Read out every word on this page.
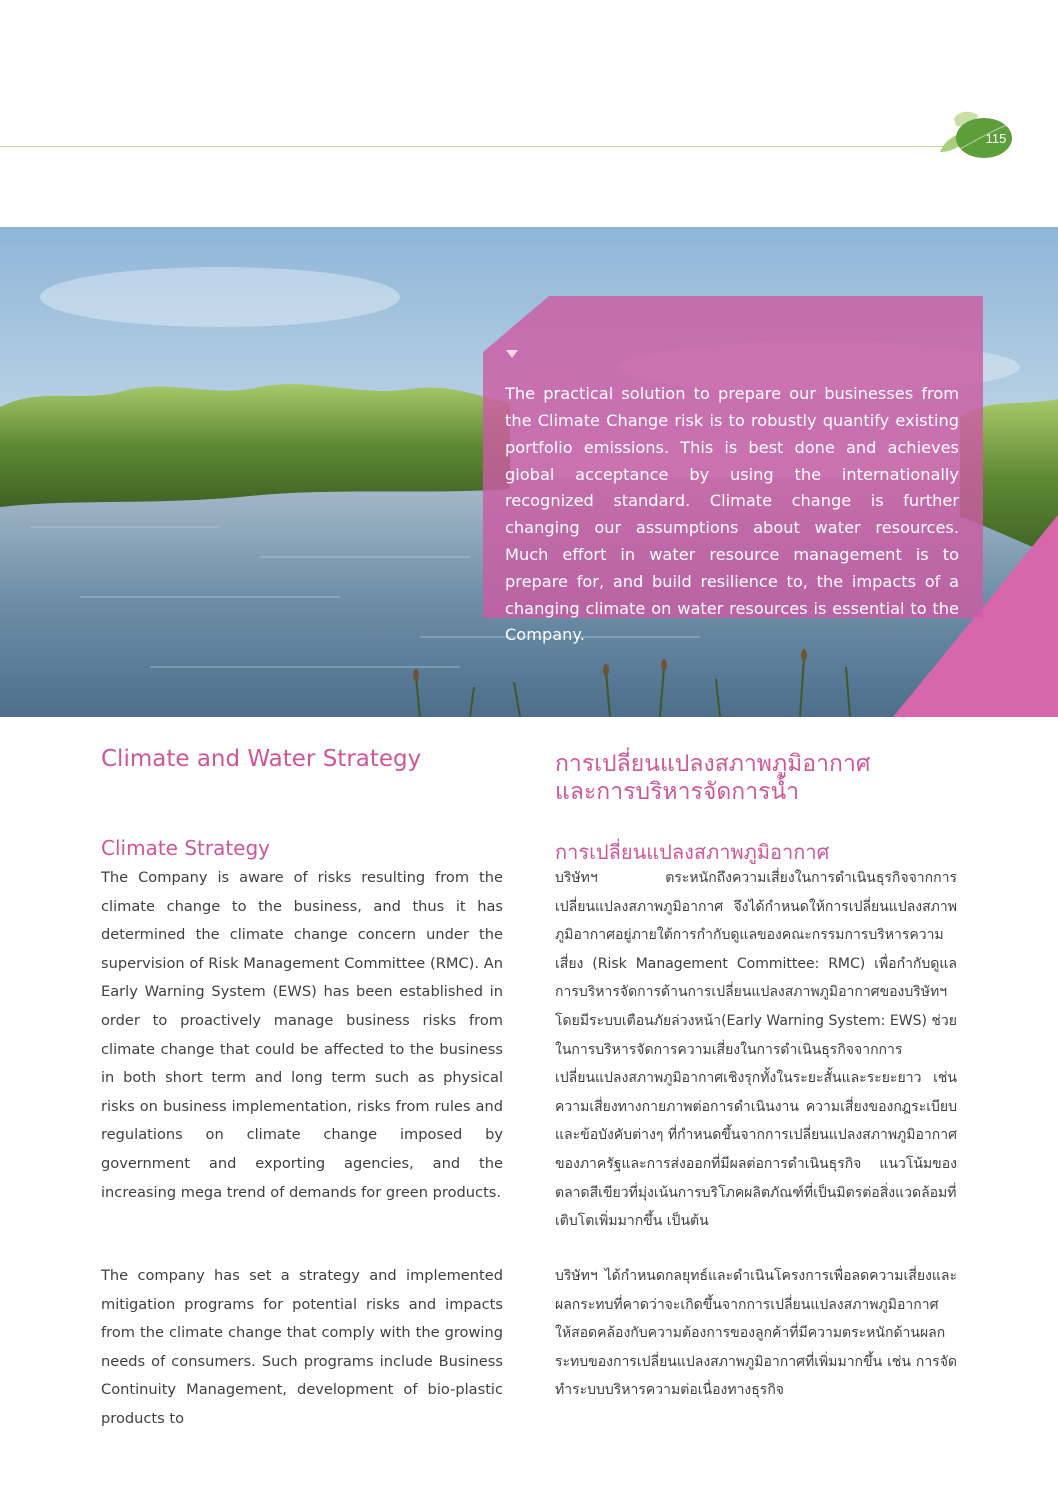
115

The practical solution to prepare our businesses from the Climate Change risk is to robustly quantify existing portfolio emissions. This is best done and achieves global acceptance by using the internationally recognized standard. Climate change is further changing our assumptions about water resources. Much effort in water resource management is to prepare for, and build resilience to, the impacts of a changing climate on water resources is essential to the Company.

Climate and Water Strategy
Climate Strategy

The Company is aware of risks resulting from the climate change to the business, and thus it has determined the climate change concern under the supervision of Risk Management Committee (RMC). An Early Warning System (EWS) has been established in order to proactively manage business risks from climate change that could be affected to the business in both short term and long term such as physical risks on business implementation, risks from rules and regulations on climate change imposed by government and exporting agencies, and the increasing mega trend of demands for green products.

The company has set a strategy and implemented mitigation programs for potential risks and impacts from the climate change that comply with the growing needs of consumers. Such programs include Business Continuity Management, development of bio-plastic products to

การเปลี่ยนแปลงสภาพภูมิอากาศ
และการบริหารจัดการน้ำ
การเปลี่ยนแปลงสภาพภูมิอากาศ

บริษัทฯ ตระหนักถึงความเสี่ยงในการดำเนินธุรกิจจากการเปลี่ยนแปลงสภาพภูมิอากาศ จึงได้กำหนดให้การเปลี่ยนแปลงสภาพภูมิอากาศอยู่ภายใต้การกำกับดูแลของคณะกรรมการบริหารความเสี่ยง (Risk Management Committee: RMC) เพื่อกำกับดูแลการบริหารจัดการด้านการเปลี่ยนแปลงสภาพภูมิอากาศของบริษัทฯ โดยมีระบบเตือนภัยล่วงหน้า(Early Warning System: EWS) ช่วยในการบริหารจัดการความเสี่ยงในการดำเนินธุรกิจจากการเปลี่ยนแปลงสภาพภูมิอากาศเชิงรุกทั้งในระยะสั้นและระยะยาว เช่น ความเสี่ยงทางกายภาพต่อการดำเนินงาน ความเสี่ยงของกฎระเบียบและข้อบังคับต่างๆ ที่กำหนดขึ้นจากการเปลี่ยนแปลงสภาพภูมิอากาศของภาครัฐและการส่งออกที่มีผลต่อการดำเนินธุรกิจ แนวโน้มของตลาดสีเขียวที่มุ่งเน้นการบริโภคผลิตภัณฑ์ที่เป็นมิตรต่อสิ่งแวดล้อมที่เติบโตเพิ่มมากขึ้น เป็นต้น

บริษัทฯ ได้กำหนดกลยุทธ์และดำเนินโครงการเพื่อลดความเสี่ยงและผลกระทบที่คาดว่าจะเกิดขึ้นจากการเปลี่ยนแปลงสภาพภูมิอากาศ ให้สอดคล้องกับความต้องการของลูกค้าที่มีความตระหนักด้านผลกระทบของการเปลี่ยนแปลงสภาพภูมิอากาศที่เพิ่มมากขึ้น เช่น การจัดทำระบบบริหารความต่อเนื่องทางธุรกิจ
